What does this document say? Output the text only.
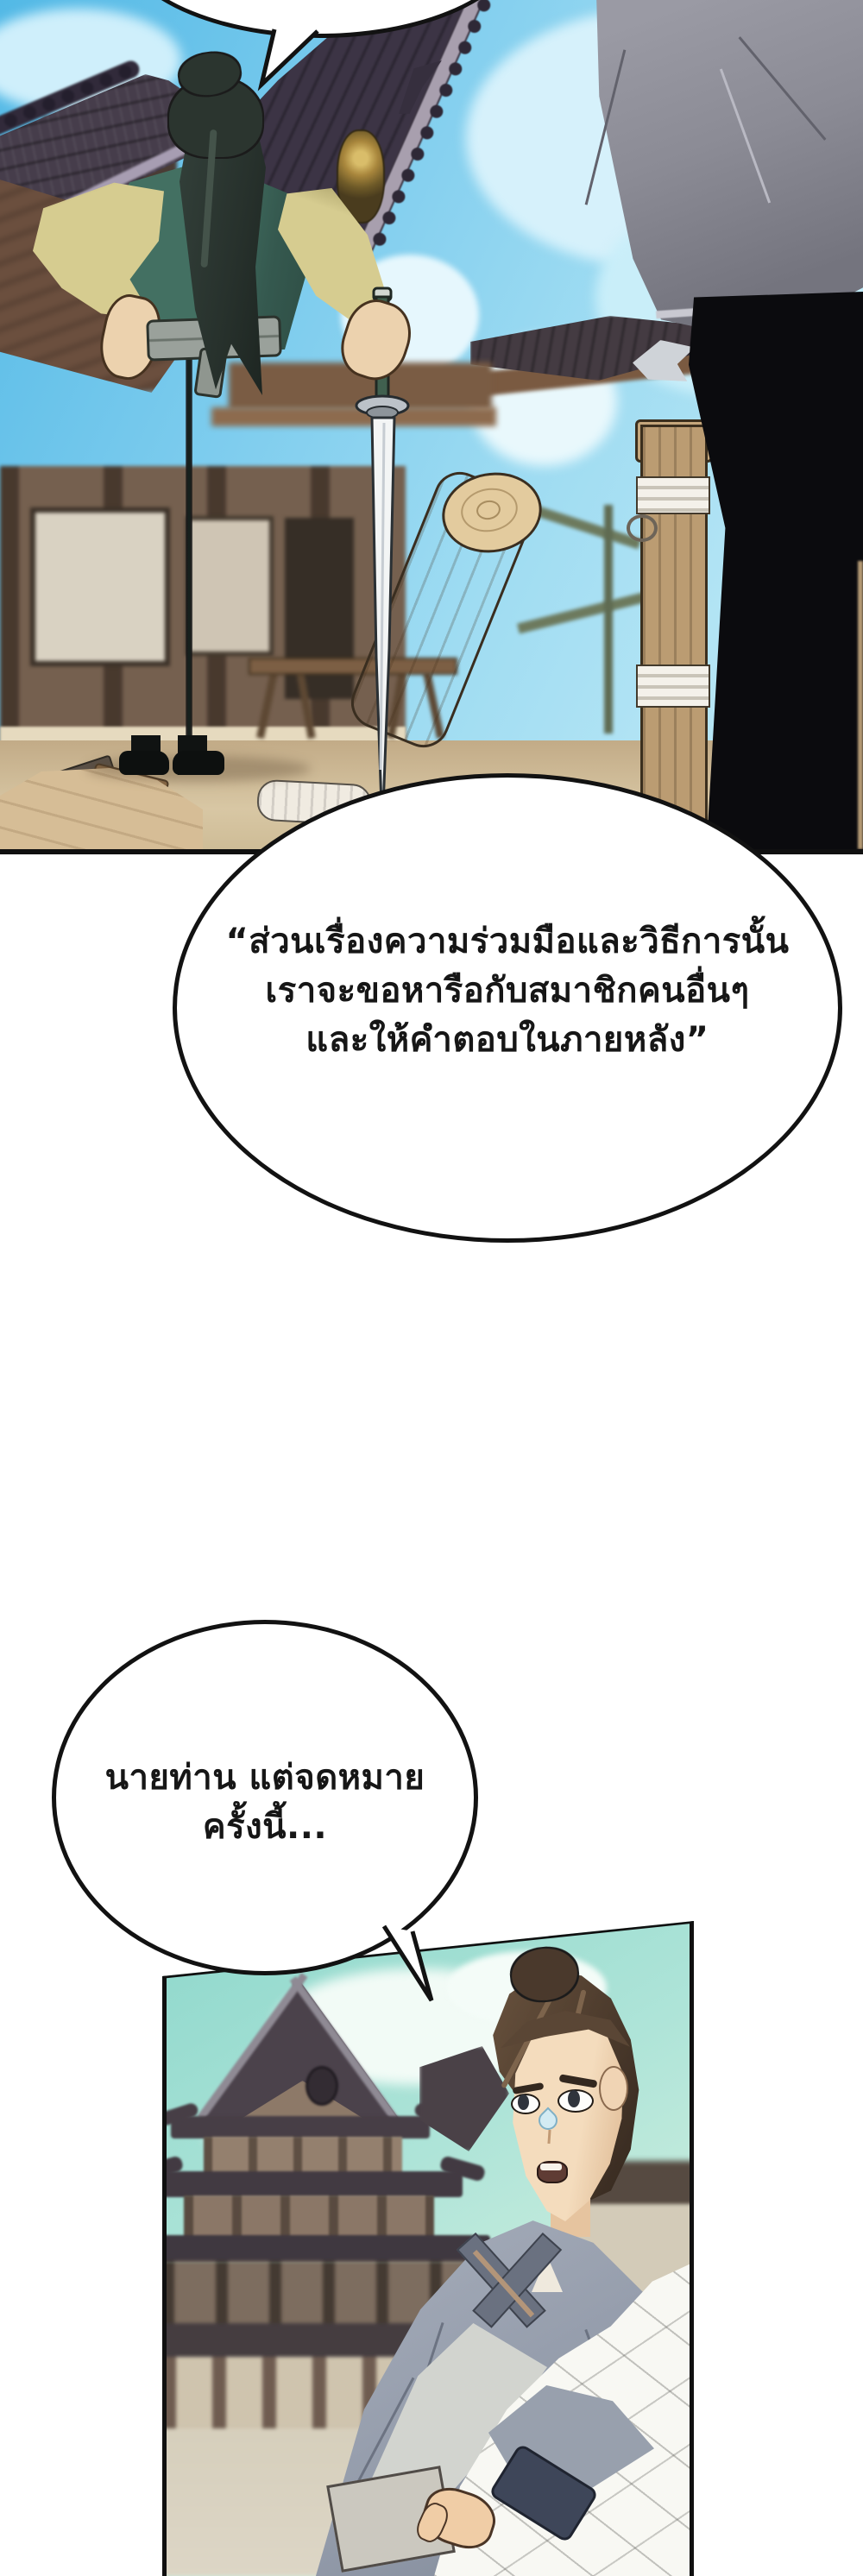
“ส่วนเรื่องความร่วมมือและวิธีการนั้น
เราจะขอหารือกับสมาชิกคนอื่นๆ
และให้คำตอบในภายหลัง”
นายท่าน แต่จดหมาย
ครั้งนี้...
